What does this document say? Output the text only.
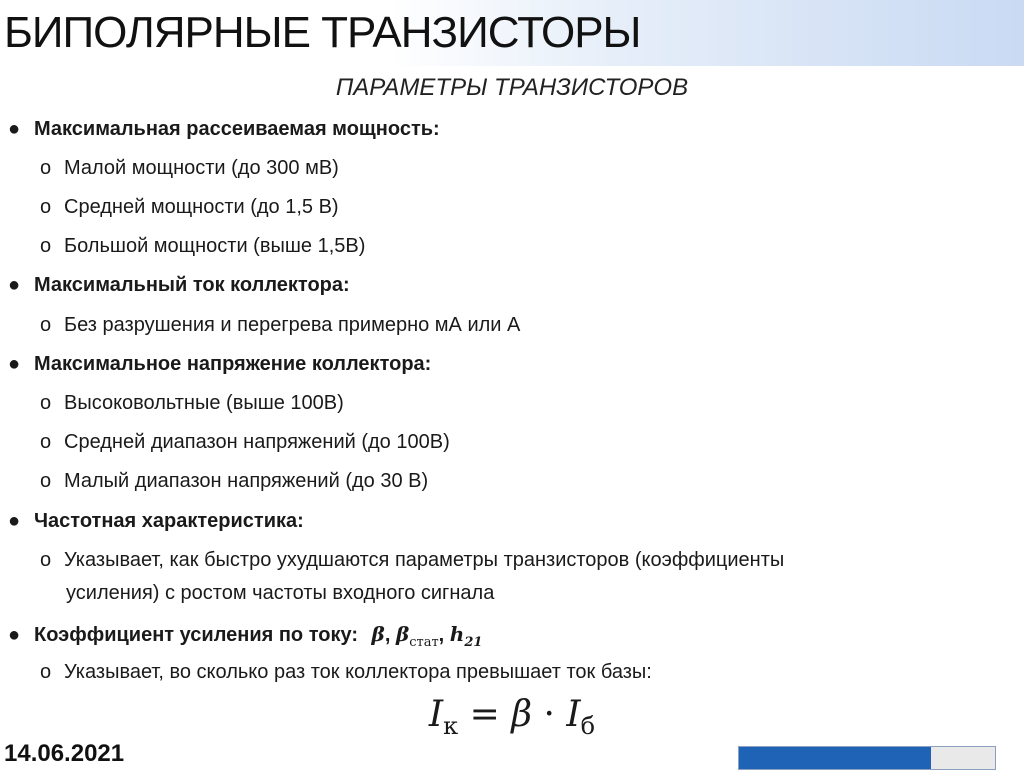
БИПОЛЯРНЫЕ ТРАНЗИСТОРЫ
ПАРАМЕТРЫ ТРАНЗИСТОРОВ
● Максимальная рассеиваемая мощность:
o Малой мощности (до 300 мВ)
o Средней мощности (до 1,5 В)
o Большой мощности (выше 1,5В)
● Максимальный ток коллектора:
o Без разрушения и перегрева примерно мА или А
● Максимальное напряжение коллектора:
o Высоковольтные (выше 100В)
o Средней диапазон напряжений (до 100В)
o Малый диапазон напряжений (до 30 В)
● Частотная характеристика:
o Указывает, как быстро ухудшаются параметры транзисторов (коэффициенты
усиления) с ростом частоты входного сигнала
● Коэффициент усиления по току: β, $\beta_{стат}$, $h_{21}$
o Указывает, во сколько раз ток коллектора превышает ток базы:
$I_к = \beta \cdot I_б$
14.06.2021
